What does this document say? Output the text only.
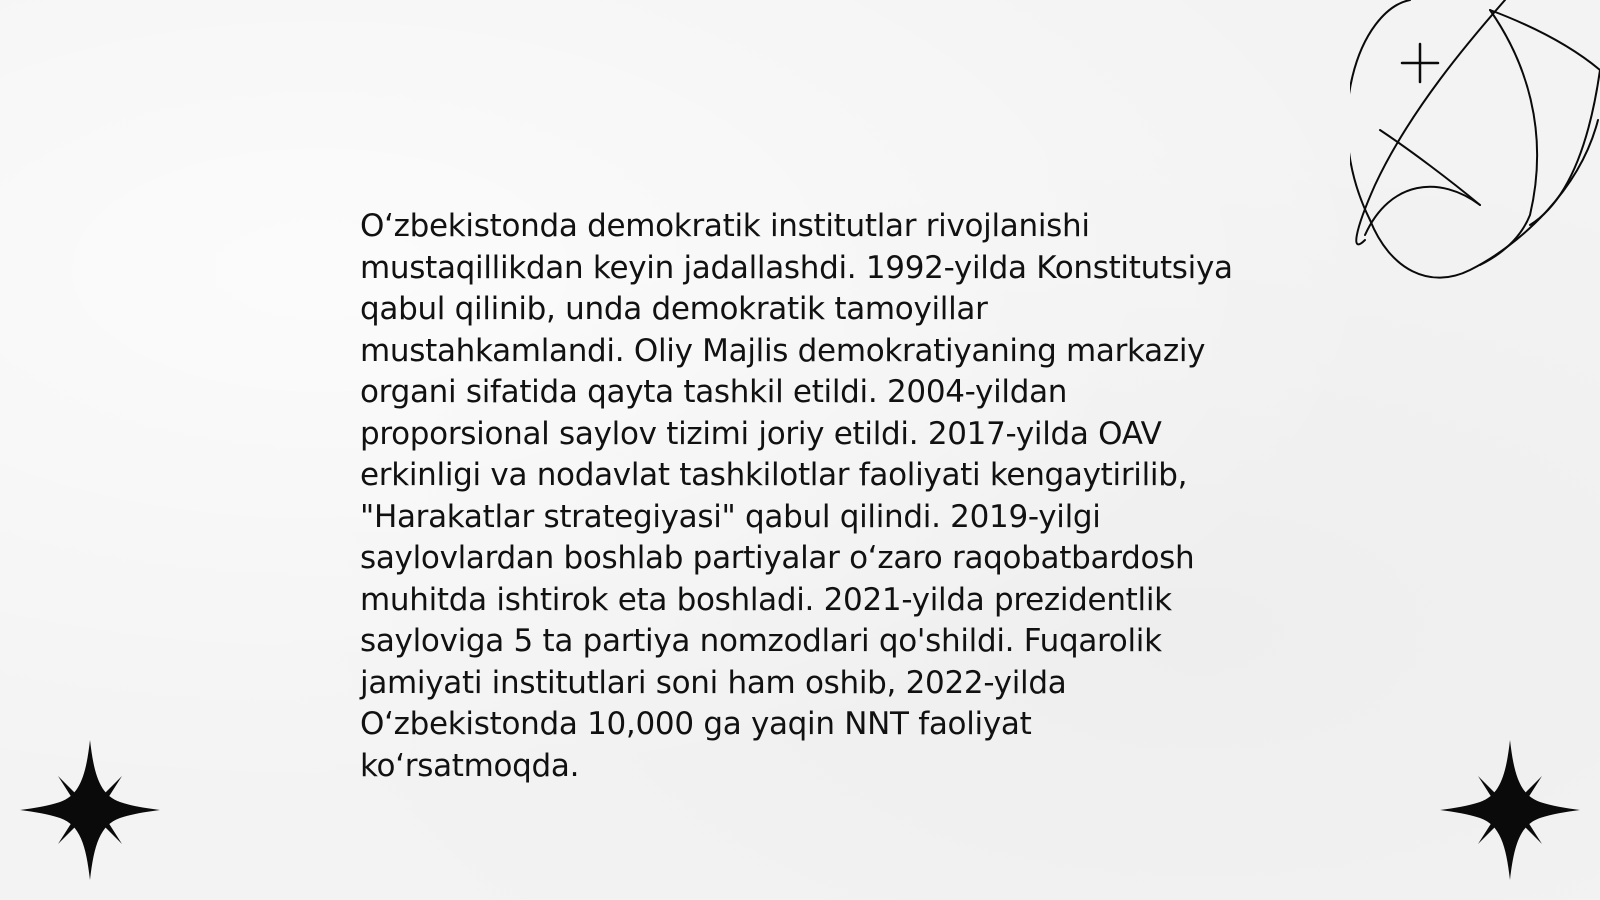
O‘zbekistonda demokratik institutlar rivojlanishi mustaqillikdan keyin jadallashdi. 1992-yilda Konstitutsiya qabul qilinib, unda demokratik tamoyillar mustahkamlandi. Oliy Majlis demokratiyaning markaziy organi sifatida qayta tashkil etildi. 2004-yildan proporsional saylov tizimi joriy etildi. 2017-yilda OAV erkinligi va nodavlat tashkilotlar faoliyati kengaytirilib, "Harakatlar strategiyasi" qabul qilindi. 2019-yilgi saylovlardan boshlab partiyalar o‘zaro raqobatbardosh muhitda ishtirok eta boshladi. 2021-yilda prezidentlik sayloviga 5 ta partiya nomzodlari qo'shildi. Fuqarolik jamiyati institutlari soni ham oshib, 2022-yilda O‘zbekistonda 10,000 ga yaqin NNT faoliyat ko‘rsatmoqda.
